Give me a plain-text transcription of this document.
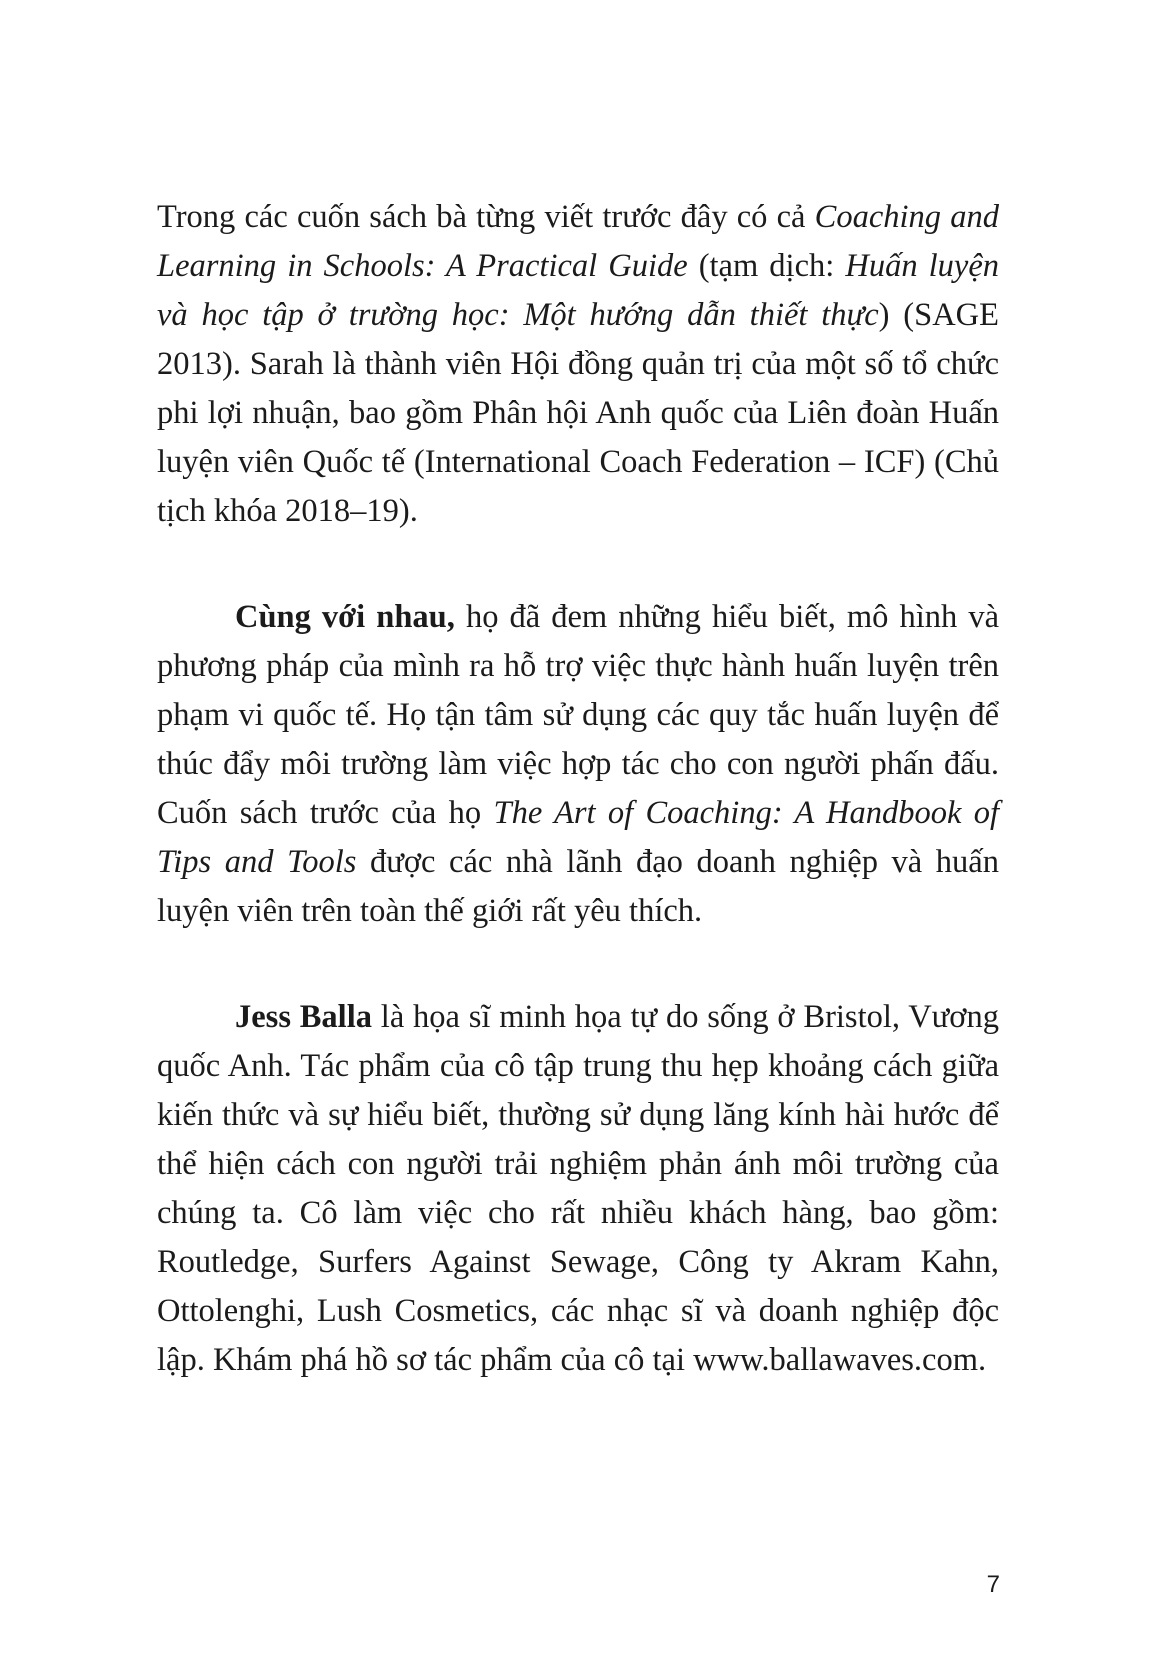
Trong các cuốn sách bà từng viết trước đây có cả Coaching and Learning in Schools: A Practical Guide (tạm dịch: Huấn luyện và học tập ở trường học: Một hướng dẫn thiết thực) (SAGE 2013). Sarah là thành viên Hội đồng quản trị của một số tổ chức phi lợi nhuận, bao gồm Phân hội Anh quốc của Liên đoàn Huấn luyện viên Quốc tế (International Coach Federation – ICF) (Chủ tịch khóa 2018–19).

Cùng với nhau, họ đã đem những hiểu biết, mô hình và phương pháp của mình ra hỗ trợ việc thực hành huấn luyện trên phạm vi quốc tế. Họ tận tâm sử dụng các quy tắc huấn luyện để thúc đẩy môi trường làm việc hợp tác cho con người phấn đấu. Cuốn sách trước của họ The Art of Coaching: A Handbook of Tips and Tools được các nhà lãnh đạo doanh nghiệp và huấn luyện viên trên toàn thế giới rất yêu thích.

Jess Balla là họa sĩ minh họa tự do sống ở Bristol, Vương quốc Anh. Tác phẩm của cô tập trung thu hẹp khoảng cách giữa kiến thức và sự hiểu biết, thường sử dụng lăng kính hài hước để thể hiện cách con người trải nghiệm phản ánh môi trường của chúng ta. Cô làm việc cho rất nhiều khách hàng, bao gồm: Routledge, Surfers Against Sewage, Công ty Akram Kahn, Ottolenghi, Lush Cosmetics, các nhạc sĩ và doanh nghiệp độc lập. Khám phá hồ sơ tác phẩm của cô tại www.ballawaves.com.

7
